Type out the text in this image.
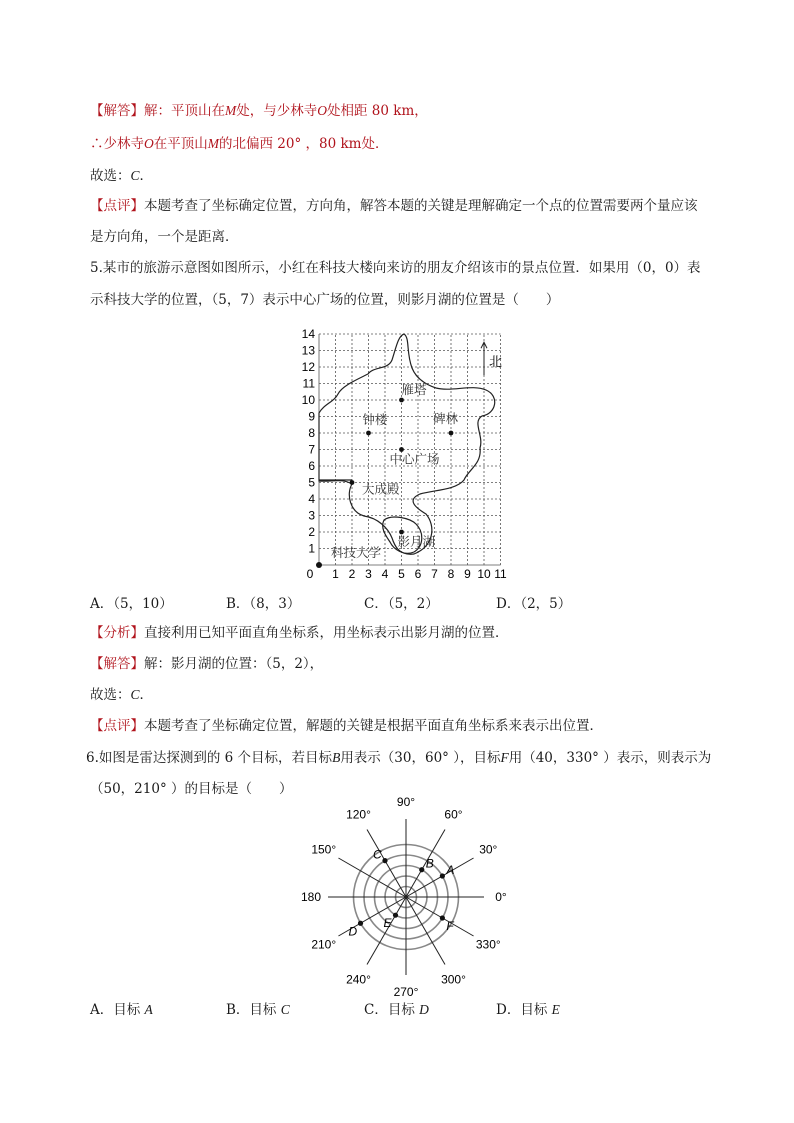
【解答】解：平顶山在M处，与少林寺O处相距 80 km，
∴少林寺O在平顶山M的北偏西 20° ，80 km处．
故选：C．
【点评】本题考查了坐标确定位置，方向角，解答本题的关键是理解确定一个点的位置需要两个量应该
是方向角，一个是距离．
5.某市的旅游示意图如图所示，小红在科技大楼向来访的朋友介绍该市的景点位置．如果用（0，0）表
示科技大学的位置，（5，7）表示中心广场的位置，则影月湖的位置是（　　）
0 1 2 3 4 5 6 7 8 9 10 11
1
2
3
4
5
6
7
8
9
10
11
12
13
14
北
雁塔
钟楼	碑林
中心广场
大成殿
影月湖
科技大学
A．（5，10）	B．（8，3）	C．（5，2）	D．（2，5）
【分析】直接利用已知平面直角坐标系，用坐标表示出影月湖的位置．
【解答】解：影月湖的位置：（5，2），
故选：C．
【点评】本题考查了坐标确定位置，解题的关键是根据平面直角坐标系来表示出位置．
6.如图是雷达探测到的 6 个目标，若目标B用表示（30，60° ），目标F用（40，330° ）表示，则表示为
（50，210° ）的目标是（　　）
0°
30°
60°
90°
120°
150°
180
210°
240°
270°
300°
330°
A
B
C
D
E	F
A．目标 A	B．目标 C	C．目标 D	D．目标 E
